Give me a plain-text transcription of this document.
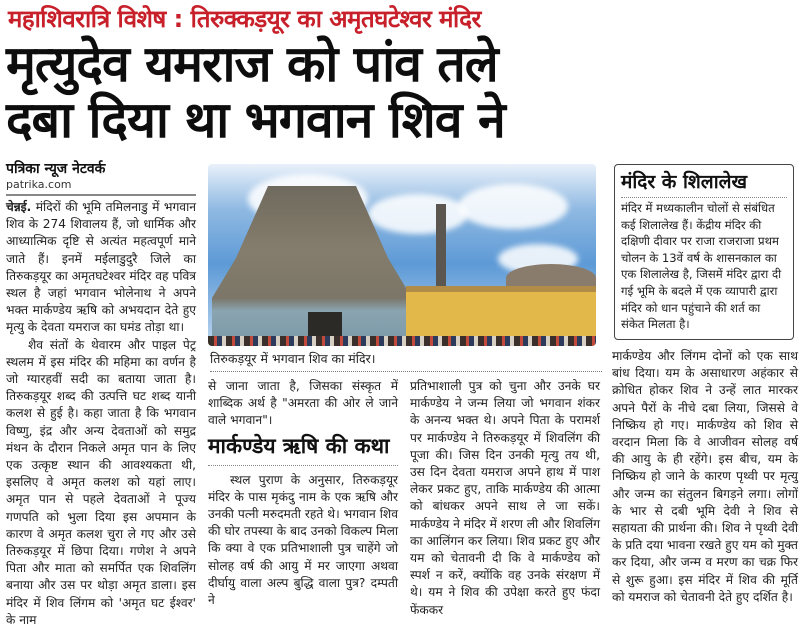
महाशिवरात्रि विशेष : तिरुक्कड़यूर का अमृतघटेश्वर मंदिर
मृत्युदेव यमराज को पांव तले
दबा दिया था भगवान शिव ने
पत्रिका न्यूज नेटवर्क
patrika.com

चेन्नई. मंदिरों की भूमि तमिलनाडु में भगवान शिव के 274 शिवालय हैं, जो धार्मिक और आध्यात्मिक दृष्टि से अत्यंत महत्वपूर्ण माने जाते हैं। इनमें मईलाडुदुरै जिले का तिरुकड़यूर का अमृतघटेश्वर मंदिर वह पवित्र स्थल है जहां भगवान भोलेनाथ ने अपने भक्त मार्कण्डेय ऋषि को अभयदान देते हुए मृत्यु के देवता यमराज का घमंड तोड़ा था।

शैव संतों के थेवारम और पाइल पेट्र स्थलम में इस मंदिर की महिमा का वर्णन है जो ग्यारहवीं सदी का बताया जाता है। तिरुकड़यूर शब्द की उत्पत्ति घट शब्द यानी कलश से हुई है। कहा जाता है कि भगवान विष्णु, इंद्र और अन्य देवताओं को समुद्र मंथन के दौरान निकले अमृत पान के लिए एक उत्कृष्ट स्थान की आवश्यकता थी, इसलिए वे अमृत कलश को यहां लाए। अमृत पान से पहले देवताओं ने पूज्य गणपति को भुला दिया इस अपमान के कारण वे अमृत कलश चुरा ले गए और उसे तिरुकड़यूर में छिपा दिया। गणेश ने अपने पिता और माता को समर्पित एक शिवलिंग बनाया और उस पर थोड़ा अमृत डाला। इस मंदिर में शिव लिंगम को 'अमृत घट ईश्वर' के नाम

तिरुकड़यूर में भगवान शिव का मंदिर।

से जाना जाता है, जिसका संस्कृत में शाब्दिक अर्थ है "अमरता की ओर ले जाने वाले भगवान"।

मार्कण्डेय ऋषि की कथा

स्थल पुराण के अनुसार, तिरुकड़यूर मंदिर के पास मृकंदु नाम के एक ऋषि और उनकी पत्नी मरुदमती रहते थे। भगवान शिव की घोर तपस्या के बाद उनको विकल्प मिला कि क्या वे एक प्रतिभाशाली पुत्र चाहेंगे जो सोलह वर्ष की आयु में मर जाएगा अथवा दीर्घायु वाला अल्प बुद्धि वाला पुत्र? दम्पती ने

प्रतिभाशाली पुत्र को चुना और उनके घर मार्कण्डेय ने जन्म लिया जो भगवान शंकर के अनन्य भक्त थे। अपने पिता के परामर्श पर मार्कण्डेय ने तिरुकड़यूर में शिवलिंग की पूजा की। जिस दिन उनकी मृत्यु तय थी, उस दिन देवता यमराज अपने हाथ में पाश लेकर प्रकट हुए, ताकि मार्कण्डेय की आत्मा को बांधकर अपने साथ ले जा सकें। मार्कण्डेय ने मंदिर में शरण ली और शिवलिंग का आलिंगन कर लिया। शिव प्रकट हुए और यम को चेतावनी दी कि वे मार्कण्डेय को स्पर्श न करें, क्योंकि वह उनके संरक्षण में थे। यम ने शिव की उपेक्षा करते हुए फंदा फेंककर

मंदिर के शिलालेख
मंदिर में मध्यकालीन चोलों से संबंधित कई शिलालेख हैं। केंद्रीय मंदिर की दक्षिणी दीवार पर राजा राजराजा प्रथम चोलन के 13वें वर्ष के शासनकाल का एक शिलालेख है, जिसमें मंदिर द्वारा दी गई भूमि के बदले में एक व्यापारी द्वारा मंदिर को धान पहुंचाने की शर्त का संकेत मिलता है।

मार्कण्डेय और लिंगम दोनों को एक साथ बांध दिया। यम के असाधारण अहंकार से क्रोधित होकर शिव ने उन्हें लात मारकर अपने पैरों के नीचे दबा लिया, जिससे वे निष्क्रिय हो गए। मार्कण्डेय को शिव से वरदान मिला कि वे आजीवन सोलह वर्ष की आयु के ही रहेंगे। इस बीच, यम के निष्क्रिय हो जाने के कारण पृथ्वी पर मृत्यु और जन्म का संतुलन बिगड़ने लगा। लोगों के भार से दबी भूमि देवी ने शिव से सहायता की प्रार्थना की। शिव ने पृथ्वी देवी के प्रति दया भावना रखते हुए यम को मुक्त कर दिया, और जन्म व मरण का चक्र फिर से शुरू हुआ। इस मंदिर में शिव की मूर्ति को यमराज को चेतावनी देते हुए दर्शित है।
